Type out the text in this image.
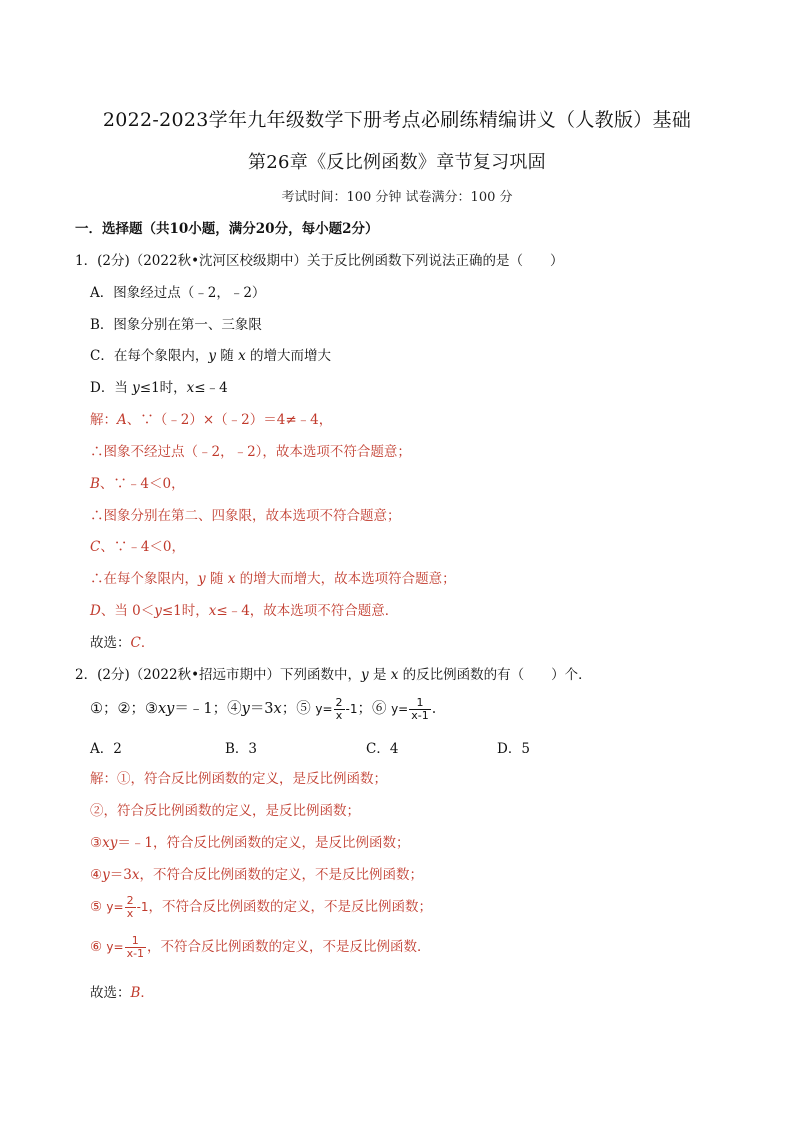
2022-2023学年九年级数学下册考点必刷练精编讲义（人教版）基础
第26章《反比例函数》章节复习巩固
考试时间：100 分钟 试卷满分：100 分
一．选择题（共10小题，满分20分，每小题2分）
1．(2分)（2022秋•沈河区校级期中）关于反比例函数下列说法正确的是（　　）
A．图象经过点（﹣2，﹣2）
B．图象分别在第一、三象限
C．在每个象限内，y 随 x 的增大而增大
D．当 y≤1时，x≤﹣4
解：A、∵（﹣2）×（﹣2）＝4≠﹣4，
∴图象不经过点（﹣2，﹣2），故本选项不符合题意；
B、∵﹣4＜0，
∴图象分别在第二、四象限，故本选项不符合题意；
C、∵﹣4＜0，
∴在每个象限内，y 随 x 的增大而增大，故本选项符合题意；
D、当 0＜y≤1时，x≤﹣4，故本选项不符合题意．
故选：C．
2．(2分)（2022秋•招远市期中）下列函数中，y 是 x 的反比例函数的有（　　）个．
①；②；③xy＝﹣1；④y＝3x；⑤ $y= \frac{2}{x} -1$；⑥ $y= \frac{1}{x-1}$ ．
A．2	B．3	C．4	D．5
解：①，符合反比例函数的定义，是反比例函数；
②，符合反比例函数的定义，是反比例函数；
③xy＝﹣1，符合反比例函数的定义，是反比例函数；
④y＝3x，不符合反比例函数的定义，不是反比例函数；
⑤ $y= \frac{2}{x} -1$，不符合反比例函数的定义，不是反比例函数；
⑥ $y= \frac{1}{x-1}$ ，不符合反比例函数的定义，不是反比例函数．
故选：B．
